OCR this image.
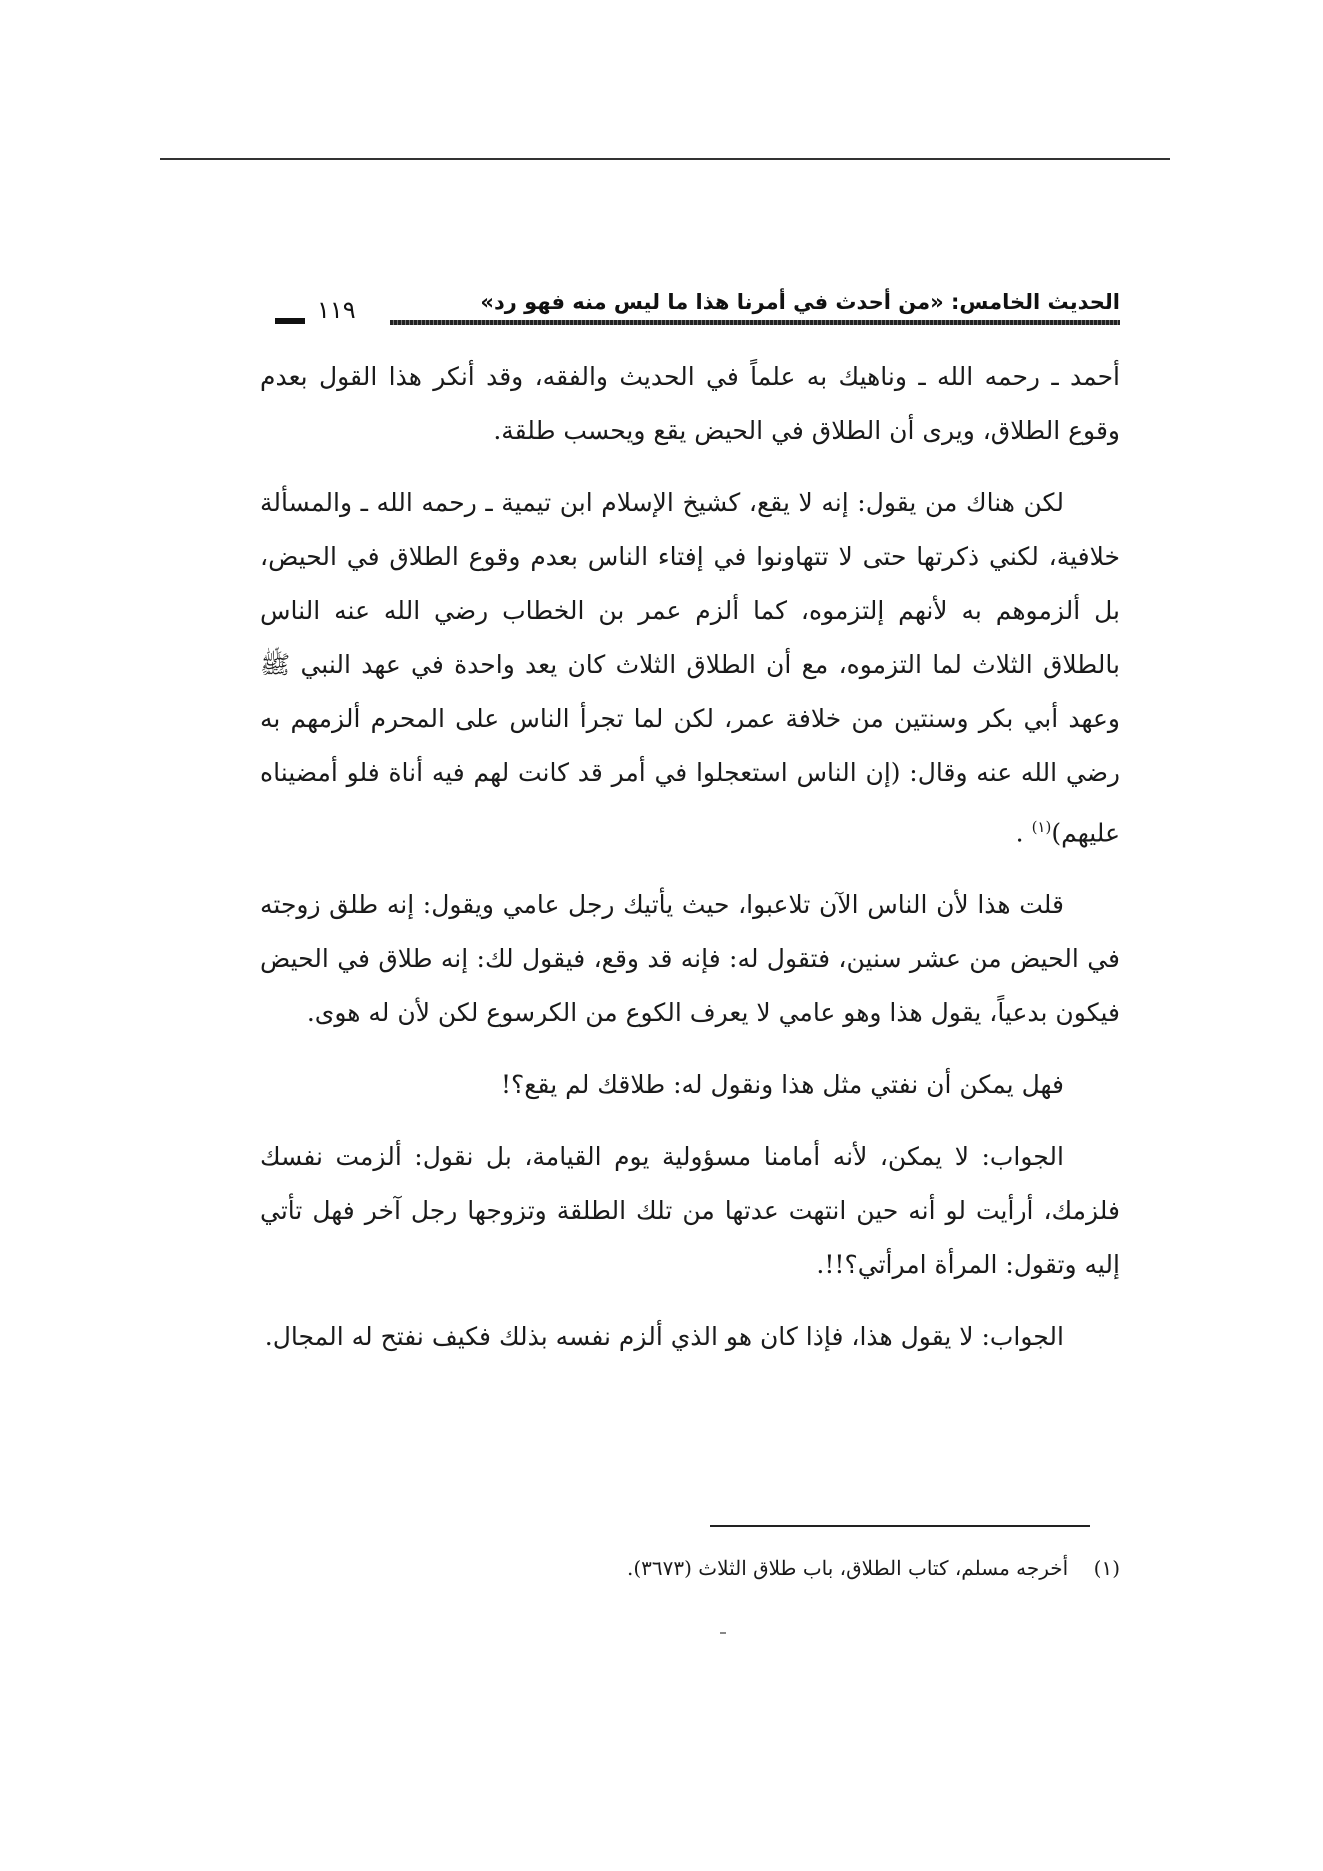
الحديث الخامس: «من أحدث في أمرنا هذا ما ليس منه فهو رد»
١١٩

أحمد ـ رحمه الله ـ وناهيك به علماً في الحديث والفقه، وقد أنكر هذا القول بعدم وقوع الطلاق، ويرى أن الطلاق في الحيض يقع ويحسب طلقة.

لكن هناك من يقول: إنه لا يقع، كشيخ الإسلام ابن تيمية ـ رحمه الله ـ والمسألة خلافية، لكني ذكرتها حتى لا تتهاونوا في إفتاء الناس بعدم وقوع الطلاق في الحيض، بل ألزموهم به لأنهم إلتزموه، كما ألزم عمر بن الخطاب رضي الله عنه الناس بالطلاق الثلاث لما التزموه، مع أن الطلاق الثلاث كان يعد واحدة في عهد النبي ﷺ وعهد أبي بكر وسنتين من خلافة عمر، لكن لما تجرأ الناس على المحرم ألزمهم به رضي الله عنه وقال: (إن الناس استعجلوا في أمر قد كانت لهم فيه أناة فلو أمضيناه عليهم)$^{(١)}$ .

قلت هذا لأن الناس الآن تلاعبوا، حيث يأتيك رجل عامي ويقول: إنه طلق زوجته في الحيض من عشر سنين، فتقول له: فإنه قد وقع، فيقول لك: إنه طلاق في الحيض فيكون بدعياً، يقول هذا وهو عامي لا يعرف الكوع من الكرسوع لكن لأن له هوى.

فهل يمكن أن نفتي مثل هذا ونقول له: طلاقك لم يقع؟!

الجواب: لا يمكن، لأنه أمامنا مسؤولية يوم القيامة، بل نقول: ألزمت نفسك فلزمك، أرأيت لو أنه حين انتهت عدتها من تلك الطلقة وتزوجها رجل آخر فهل تأتي إليه وتقول: المرأة امرأتي؟!!.

الجواب: لا يقول هذا، فإذا كان هو الذي ألزم نفسه بذلك فكيف نفتح له المجال.

(١)    أخرجه مسلم، كتاب الطلاق، باب طلاق الثلاث (٣٦٧٣).
